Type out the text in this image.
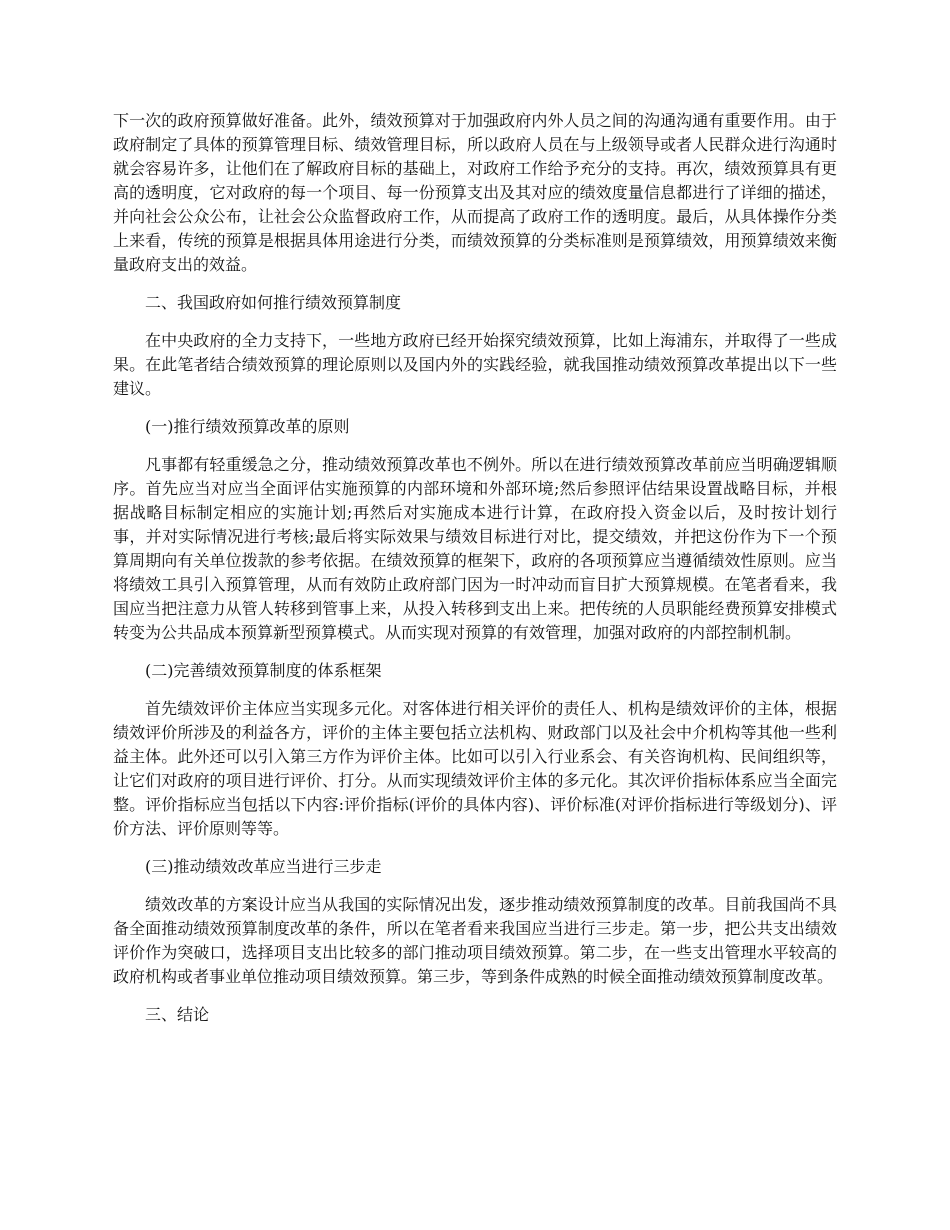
下一次的政府预算做好准备。此外，绩效预算对于加强政府内外人员之间的沟通沟通有重要作用。由于政府制定了具体的预算管理目标、绩效管理目标，所以政府人员在与上级领导或者人民群众进行沟通时就会容易许多，让他们在了解政府目标的基础上，对政府工作给予充分的支持。再次，绩效预算具有更高的透明度，它对政府的每一个项目、每一份预算支出及其对应的绩效度量信息都进行了详细的描述，并向社会公众公布，让社会公众监督政府工作，从而提高了政府工作的透明度。最后，从具体操作分类上来看，传统的预算是根据具体用途进行分类，而绩效预算的分类标准则是预算绩效，用预算绩效来衡量政府支出的效益。

二、我国政府如何推行绩效预算制度

在中央政府的全力支持下，一些地方政府已经开始探究绩效预算，比如上海浦东，并取得了一些成果。在此笔者结合绩效预算的理论原则以及国内外的实践经验，就我国推动绩效预算改革提出以下一些建议。

(一)推行绩效预算改革的原则

凡事都有轻重缓急之分，推动绩效预算改革也不例外。所以在进行绩效预算改革前应当明确逻辑顺序。首先应当对应当全面评估实施预算的内部环境和外部环境;然后参照评估结果设置战略目标，并根据战略目标制定相应的实施计划;再然后对实施成本进行计算，在政府投入资金以后，及时按计划行事，并对实际情况进行考核;最后将实际效果与绩效目标进行对比，提交绩效，并把这份作为下一个预算周期向有关单位拨款的参考依据。在绩效预算的框架下，政府的各项预算应当遵循绩效性原则。应当将绩效工具引入预算管理，从而有效防止政府部门因为一时冲动而盲目扩大预算规模。在笔者看来，我国应当把注意力从管人转移到管事上来，从投入转移到支出上来。把传统的人员职能经费预算安排模式转变为公共品成本预算新型预算模式。从而实现对预算的有效管理，加强对政府的内部控制机制。

(二)完善绩效预算制度的体系框架

首先绩效评价主体应当实现多元化。对客体进行相关评价的责任人、机构是绩效评价的主体，根据绩效评价所涉及的利益各方，评价的主体主要包括立法机构、财政部门以及社会中介机构等其他一些利益主体。此外还可以引入第三方作为评价主体。比如可以引入行业系会、有关咨询机构、民间组织等，让它们对政府的项目进行评价、打分。从而实现绩效评价主体的多元化。其次评价指标体系应当全面完整。评价指标应当包括以下内容:评价指标(评价的具体内容)、评价标准(对评价指标进行等级划分)、评价方法、评价原则等等。

(三)推动绩效改革应当进行三步走

绩效改革的方案设计应当从我国的实际情况出发，逐步推动绩效预算制度的改革。目前我国尚不具备全面推动绩效预算制度改革的条件，所以在笔者看来我国应当进行三步走。第一步，把公共支出绩效评价作为突破口，选择项目支出比较多的部门推动项目绩效预算。第二步，在一些支出管理水平较高的政府机构或者事业单位推动项目绩效预算。第三步，等到条件成熟的时候全面推动绩效预算制度改革。

三、结论
